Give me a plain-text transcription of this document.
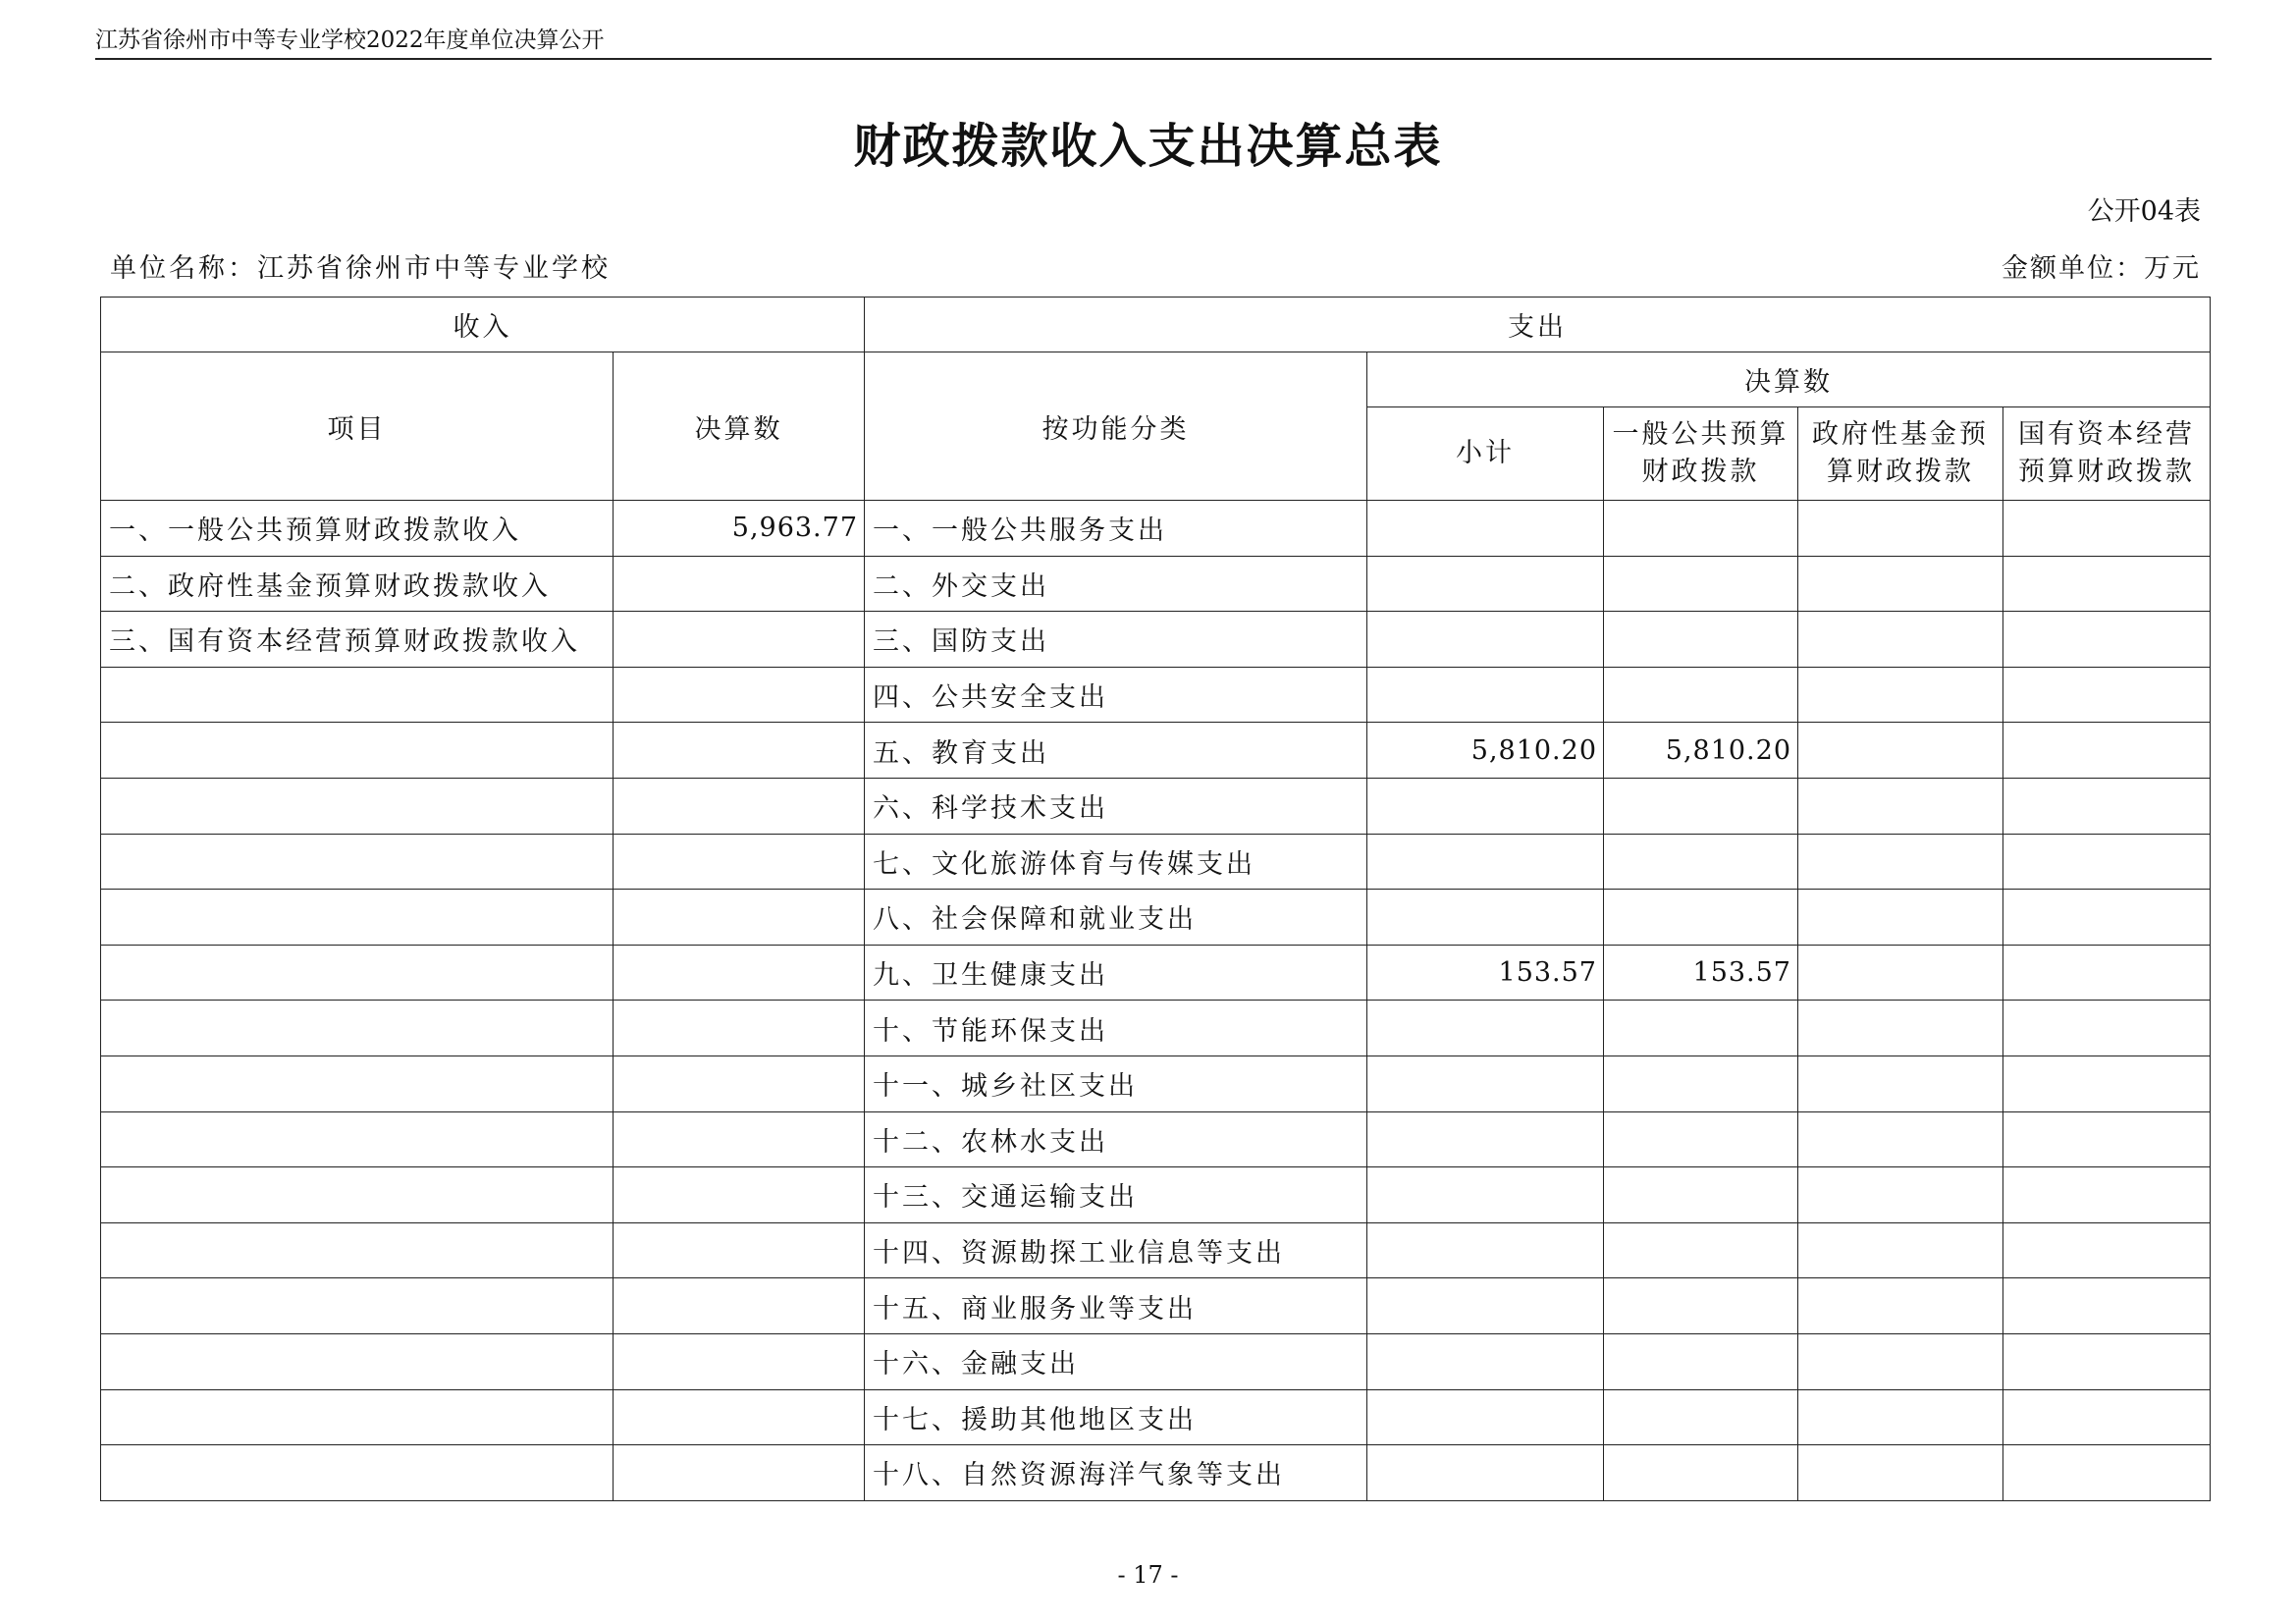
江苏省徐州市中等专业学校2022年度单位决算公开
财政拨款收入支出决算总表
公开04表
单位名称：江苏省徐州市中等专业学校	金额单位：万元
收入		支出				
项目	决算数	按功能分类	决算数			
			小计	一般公共预算财政拨款	政府性基金预算财政拨款	国有资本经营预算财政拨款
一、一般公共预算财政拨款收入	5,963.77	一、一般公共服务支出				
二、政府性基金预算财政拨款收入		二、外交支出				
三、国有资本经营预算财政拨款收入		三、国防支出				
		四、公共安全支出				
		五、教育支出	5,810.20	5,810.20		
		六、科学技术支出				
		七、文化旅游体育与传媒支出				
		八、社会保障和就业支出				
		九、卫生健康支出	153.57	153.57		
		十、节能环保支出				
		十一、城乡社区支出				
		十二、农林水支出				
		十三、交通运输支出				
		十四、资源勘探工业信息等支出				
		十五、商业服务业等支出				
		十六、金融支出				
		十七、援助其他地区支出				
		十八、自然资源海洋气象等支出				
- 17 -
